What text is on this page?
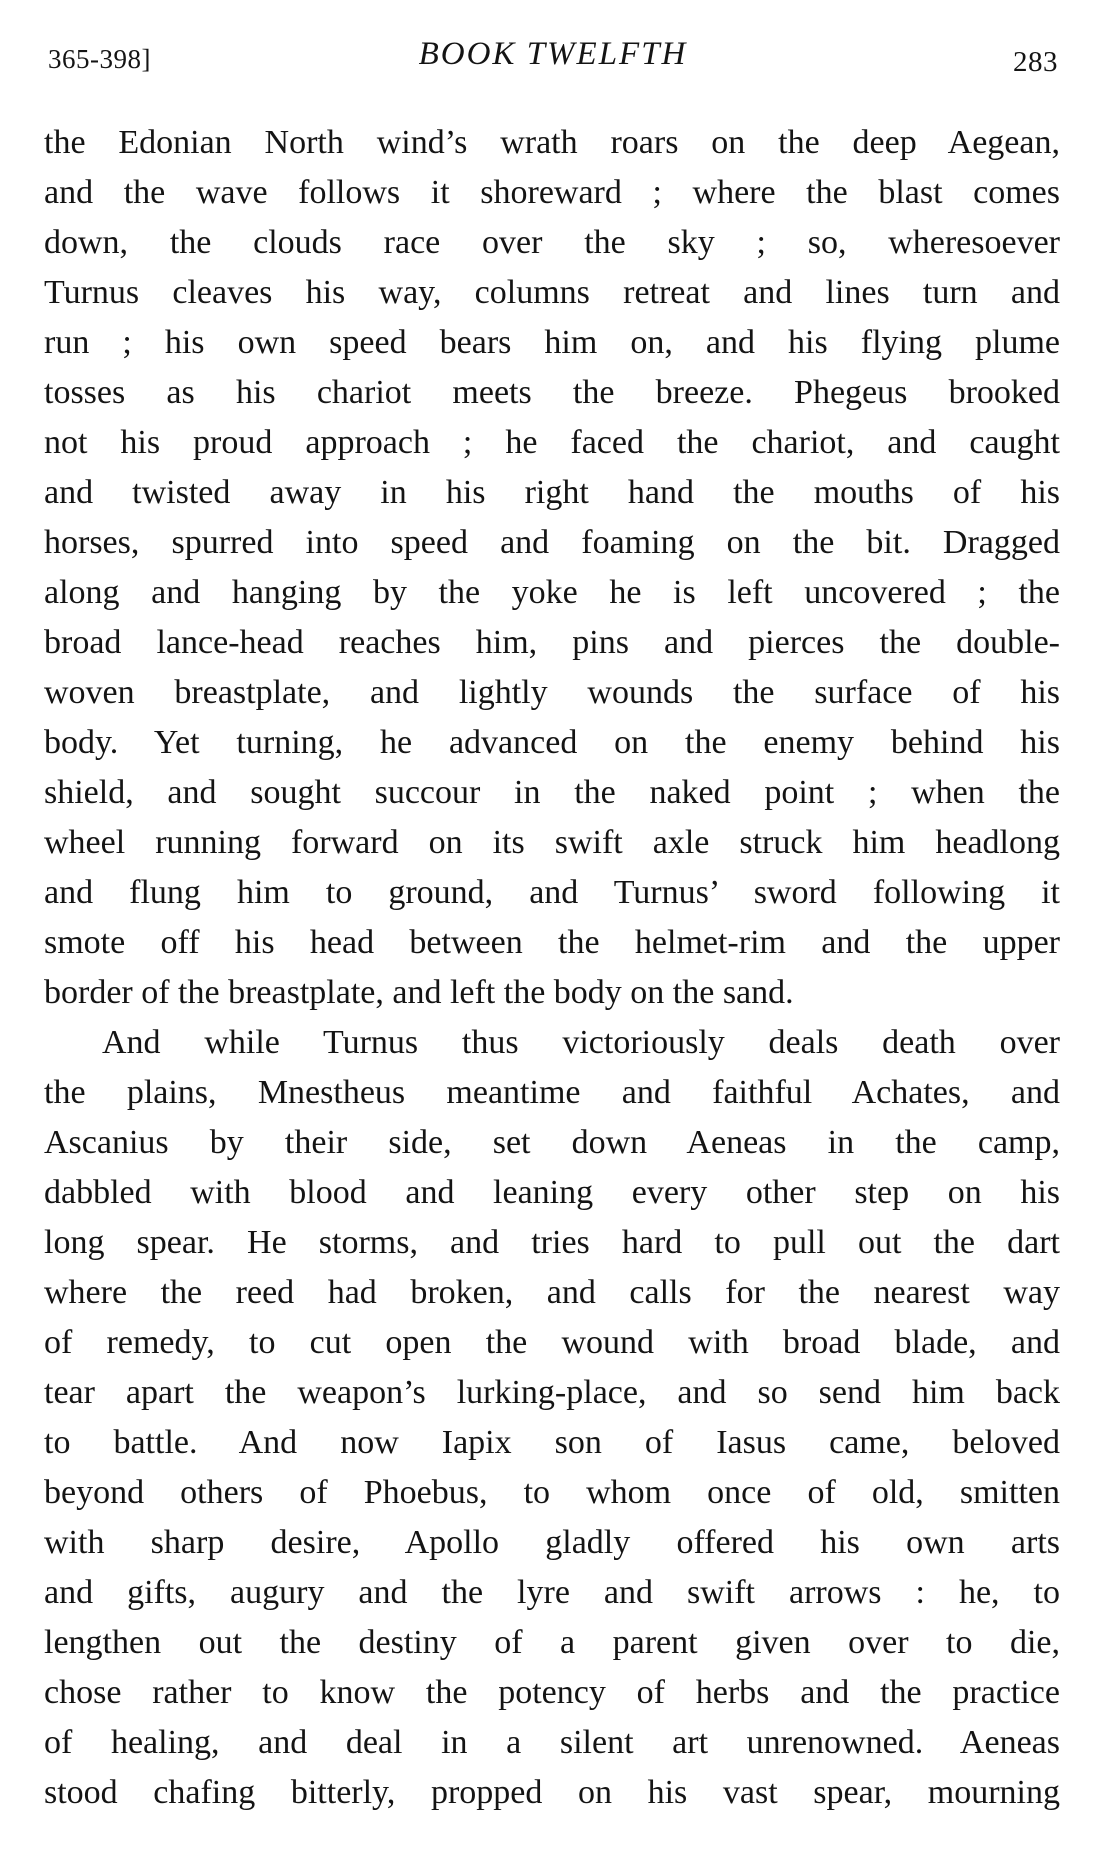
365-398]	BOOK TWELFTH	283
the Edonian North wind’s wrath roars on the deep Aegean,
and the wave follows it shoreward ; where the blast comes
down, the clouds race over the sky ; so, wheresoever
Turnus cleaves his way, columns retreat and lines turn and
run ; his own speed bears him on, and his flying plume
tosses as his chariot meets the breeze. Phegeus brooked
not his proud approach ; he faced the chariot, and caught
and twisted away in his right hand the mouths of his
horses, spurred into speed and foaming on the bit. Dragged
along and hanging by the yoke he is left uncovered ; the
broad lance-head reaches him, pins and pierces the double-
woven breastplate, and lightly wounds the surface of his
body. Yet turning, he advanced on the enemy behind his
shield, and sought succour in the naked point ; when the
wheel running forward on its swift axle struck him headlong
and flung him to ground, and Turnus’ sword following it
smote off his head between the helmet-rim and the upper
border of the breastplate, and left the body on the sand.
And while Turnus thus victoriously deals death over
the plains, Mnestheus meantime and faithful Achates, and
Ascanius by their side, set down Aeneas in the camp,
dabbled with blood and leaning every other step on his
long spear. He storms, and tries hard to pull out the dart
where the reed had broken, and calls for the nearest way
of remedy, to cut open the wound with broad blade, and
tear apart the weapon’s lurking-place, and so send him back
to battle. And now Iapix son of Iasus came, beloved
beyond others of Phoebus, to whom once of old, smitten
with sharp desire, Apollo gladly offered his own arts
and gifts, augury and the lyre and swift arrows : he, to
lengthen out the destiny of a parent given over to die,
chose rather to know the potency of herbs and the practice
of healing, and deal in a silent art unrenowned. Aeneas
stood chafing bitterly, propped on his vast spear, mourning
